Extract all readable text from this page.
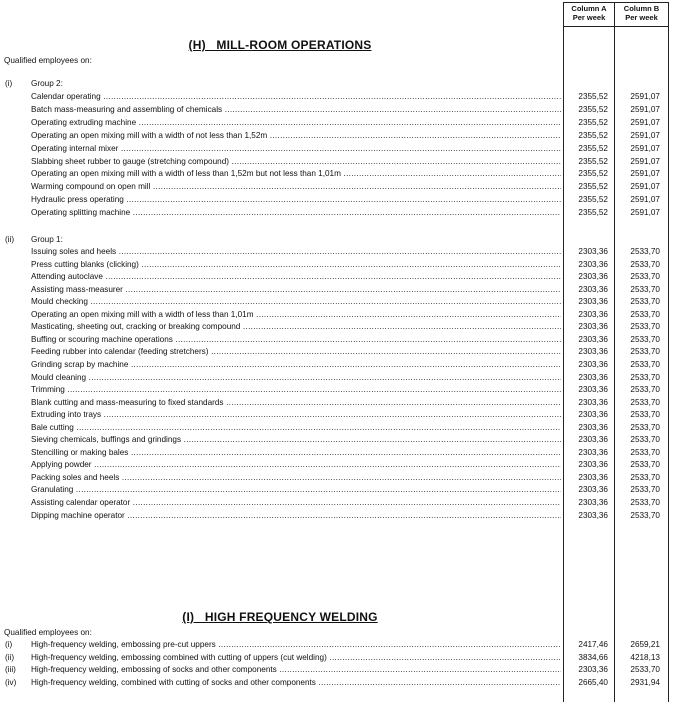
Column A
Per week
Column B
Per week
(H)   MILL-ROOM OPERATIONS
Qualified employees on:
(i) Group 2:
Calendar operating .....	2355,52	2591,07
Batch mass-measuring and assembling of chemicals .....	2355,52	2591,07
Operating extruding machine .....	2355,52	2591,07
Operating an open mixing mill with a width of not less than 1,52m .....	2355,52	2591,07
Operating internal mixer .....	2355,52	2591,07
Slabbing sheet rubber to gauge (stretching compound) .....	2355,52	2591,07
Operating an open mixing mill with a width of less than 1,52m but not less than 1,01m .....	2355,52	2591,07
Warming compound on open mill .....	2355,52	2591,07
Hydraulic press operating .....	2355,52	2591,07
Operating splitting machine .....	2355,52	2591,07
(ii) Group 1:
Issuing soles and heels .....	2303,36	2533,70
Press cutting blanks (clicking) .....	2303,36	2533,70
Attending autoclave .....	2303,36	2533,70
Assisting mass-measurer .....	2303,36	2533,70
Mould checking .....	2303,36	2533,70
Operating an open mixing mill with a width of less than 1,01m .....	2303,36	2533,70
Masticating, sheeting out, cracking or breaking compound .....	2303,36	2533,70
Buffing or scouring machine operations .....	2303,36	2533,70
Feeding rubber into calendar (feeding stretchers) .....	2303,36	2533,70
Grinding scrap by machine .....	2303,36	2533,70
Mould cleaning .....	2303,36	2533,70
Trimming .....	2303,36	2533,70
Blank cutting and mass-measuring to fixed standards .....	2303,36	2533,70
Extruding into trays .....	2303,36	2533,70
Bale cutting .....	2303,36	2533,70
Sieving chemicals, buffings and grindings .....	2303,36	2533,70
Stencilling or making bales .....	2303,36	2533,70
Applying powder .....	2303,36	2533,70
Packing soles and heels .....	2303,36	2533,70
Granulating .....	2303,36	2533,70
Assisting calendar operator .....	2303,36	2533,70
Dipping machine operator .....	2303,36	2533,70
(I)   HIGH FREQUENCY WELDING
Qualified employees on:
(i) High-frequency welding, embossing pre-cut uppers .....	2417,46	2659,21
(ii) High-frequency welding, embossing combined with cutting of uppers (cut welding) .....	3834,66	4218,13
(iii) High-frequency welding, embossing of socks and other components .....	2303,36	2533,70
(iv) High-frequency welding, combined with cutting of socks and other components .....	2665,40	2931,94
